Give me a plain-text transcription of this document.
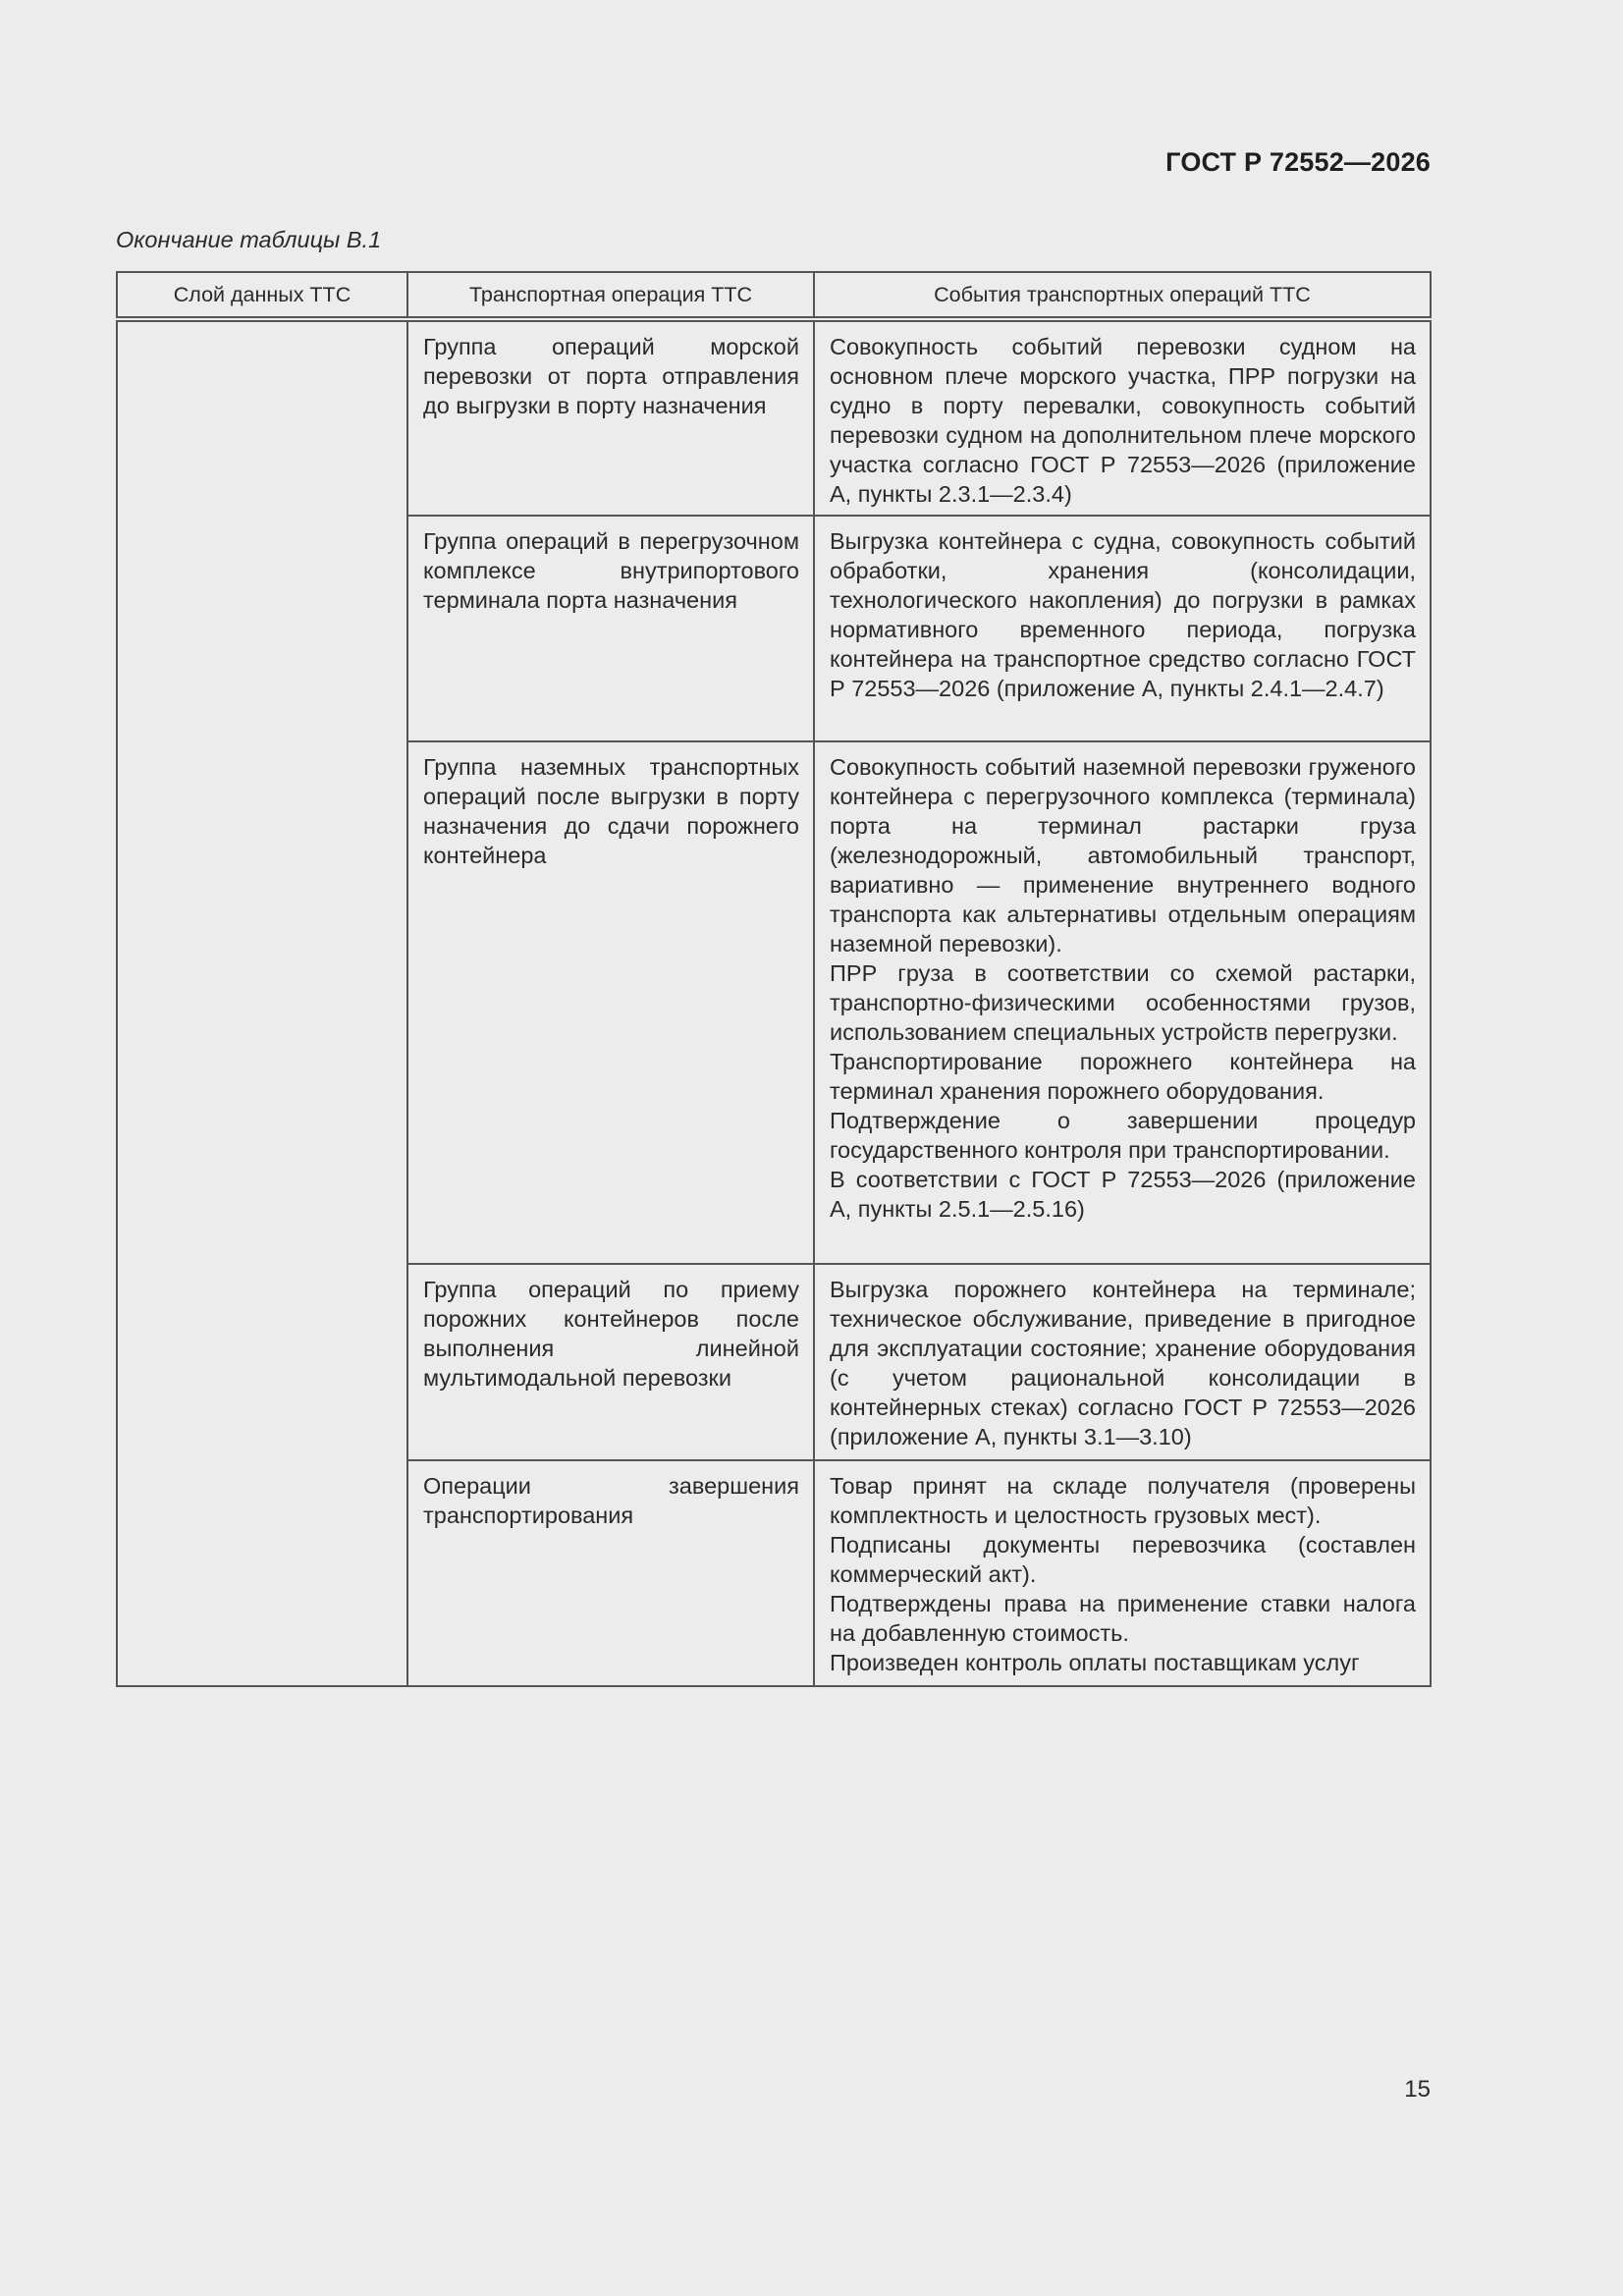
ГОСТ Р 72552—2026
Окончание таблицы В.1
Слой данных ТТС	Транспортная операция ТТС	События транспортных операций ТТС
	Группа операций морской перевозки от порта отправления до выгрузки в порту назначения	Совокупность событий перевозки судном на основном плече морского участка, ПРР погрузки на судно в порту перевалки, совокупность событий перевозки судном на дополнительном плече морского участка согласно ГОСТ Р 72553—2026 (приложение А, пункты 2.3.1—2.3.4)

	Группа операций в перегрузочном комплексе внутрипортового терминала порта назначения	Выгрузка контейнера с судна, совокупность событий обработки, хранения (консолидации, технологического накопления) до погрузки в рамках нормативного временного периода, погрузка контейнера на транспортное средство согласно ГОСТ Р 72553—2026 (приложение А, пункты 2.4.1—2.4.7)

	Группа наземных транспортных операций после выгрузки в порту назначения до сдачи порожнего контейнера	Совокупность событий наземной перевозки груженого контейнера с перегрузочного комплекса (терминала) порта на терминал растарки груза (железнодорожный, автомобильный транспорт, вариативно — применение внутреннего водного транспорта как альтернативы отдельным операциям наземной перевозки).
ПРР груза в соответствии со схемой растарки, транспортно-физическими особенностями грузов, использованием специальных устройств перегрузки.
Транспортирование порожнего контейнера на терминал хранения порожнего оборудования.
Подтверждение о завершении процедур государственного контроля при транспортировании.
В соответствии с ГОСТ Р 72553—2026 (приложение А, пункты 2.5.1—2.5.16)

	Группа операций по приему порожних контейнеров после выполнения линейной мультимодальной перевозки	Выгрузка порожнего контейнера на терминале; техническое обслуживание, приведение в пригодное для эксплуатации состояние; хранение оборудования (с учетом рациональной консолидации в контейнерных стеках) согласно ГОСТ Р 72553—2026 (приложение А, пункты 3.1—3.10)

	Операции завершения транспортирования	Товар принят на складе получателя (проверены комплектность и целостность грузовых мест).
Подписаны документы перевозчика (составлен коммерческий акт).
Подтверждены права на применение ставки налога на добавленную стоимость.
Произведен контроль оплаты поставщикам услуг
15
